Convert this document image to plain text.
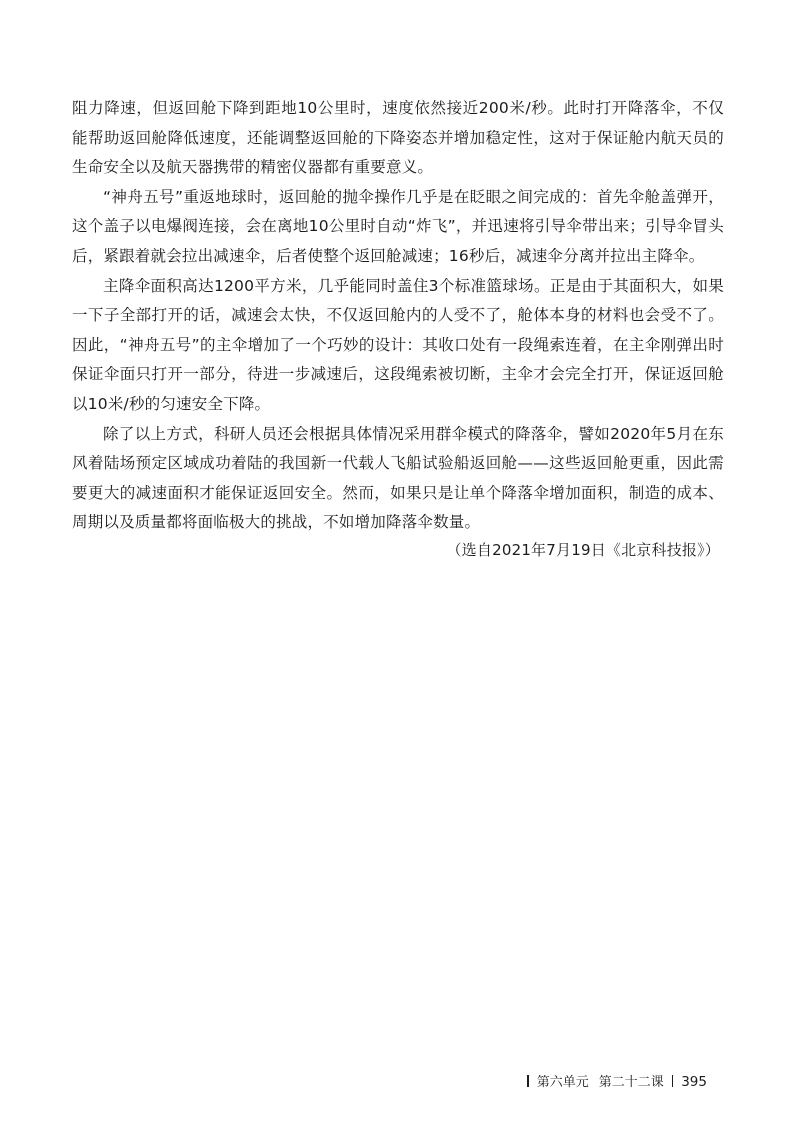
阻力降速，但返回舱下降到距地10公里时，速度依然接近200米/秒。此时打开降落伞，不仅能帮助返回舱降低速度，还能调整返回舱的下降姿态并增加稳定性，这对于保证舱内航天员的生命安全以及航天器携带的精密仪器都有重要意义。

“神舟五号”重返地球时，返回舱的抛伞操作几乎是在眨眼之间完成的：首先伞舱盖弹开，这个盖子以电爆阀连接，会在离地10公里时自动“炸飞”，并迅速将引导伞带出来；引导伞冒头后，紧跟着就会拉出减速伞，后者使整个返回舱减速；16秒后，减速伞分离并拉出主降伞。

主降伞面积高达1200平方米，几乎能同时盖住3个标准篮球场。正是由于其面积大，如果一下子全部打开的话，减速会太快，不仅返回舱内的人受不了，舱体本身的材料也会受不了。因此，“神舟五号”的主伞增加了一个巧妙的设计：其收口处有一段绳索连着，在主伞刚弹出时保证伞面只打开一部分，待进一步减速后，这段绳索被切断，主伞才会完全打开，保证返回舱以10米/秒的匀速安全下降。

除了以上方式，科研人员还会根据具体情况采用群伞模式的降落伞，譬如2020年5月在东风着陆场预定区域成功着陆的我国新一代载人飞船试验船返回舱——这些返回舱更重，因此需要更大的减速面积才能保证返回安全。然而，如果只是让单个降落伞增加面积，制造的成本、周期以及质量都将面临极大的挑战，不如增加降落伞数量。

（选自2021年7月19日《北京科技报》）
第六单元 第二十二课 395
